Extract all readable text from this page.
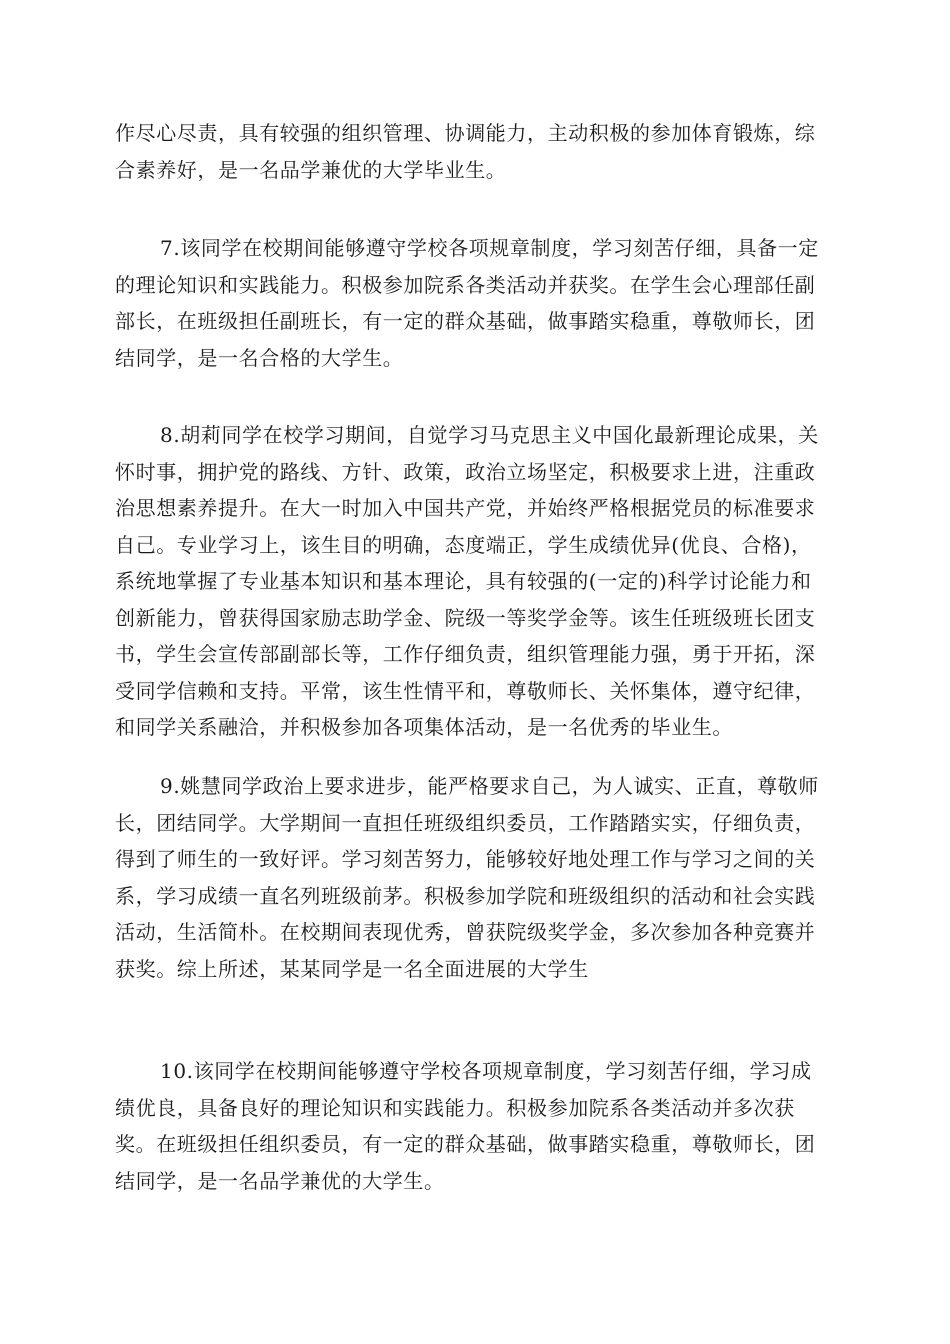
作尽心尽责，具有较强的组织管理、协调能力，主动积极的参加体育锻炼，综合素养好，是一名品学兼优的大学毕业生。

7.该同学在校期间能够遵守学校各项规章制度，学习刻苦仔细，具备一定的理论知识和实践能力。积极参加院系各类活动并获奖。在学生会心理部任副部长，在班级担任副班长，有一定的群众基础，做事踏实稳重，尊敬师长，团结同学，是一名合格的大学生。

8.胡莉同学在校学习期间，自觉学习马克思主义中国化最新理论成果，关怀时事，拥护党的路线、方针、政策，政治立场坚定，积极要求上进，注重政治思想素养提升。在大一时加入中国共产党，并始终严格根据党员的标准要求自己。专业学习上，该生目的明确，态度端正，学生成绩优异(优良、合格)，系统地掌握了专业基本知识和基本理论，具有较强的(一定的)科学讨论能力和创新能力，曾获得国家励志助学金、院级一等奖学金等。该生任班级班长团支书，学生会宣传部副部长等，工作仔细负责，组织管理能力强，勇于开拓，深受同学信赖和支持。平常，该生性情平和，尊敬师长、关怀集体，遵守纪律，和同学关系融洽，并积极参加各项集体活动，是一名优秀的毕业生。

9.姚慧同学政治上要求进步，能严格要求自己，为人诚实、正直，尊敬师长，团结同学。大学期间一直担任班级组织委员，工作踏踏实实，仔细负责，得到了师生的一致好评。学习刻苦努力，能够较好地处理工作与学习之间的关系，学习成绩一直名列班级前茅。积极参加学院和班级组织的活动和社会实践活动，生活简朴。在校期间表现优秀，曾获院级奖学金，多次参加各种竞赛并获奖。综上所述，某某同学是一名全面进展的大学生

10.该同学在校期间能够遵守学校各项规章制度，学习刻苦仔细，学习成绩优良，具备良好的理论知识和实践能力。积极参加院系各类活动并多次获奖。在班级担任组织委员，有一定的群众基础，做事踏实稳重，尊敬师长，团结同学，是一名品学兼优的大学生。
